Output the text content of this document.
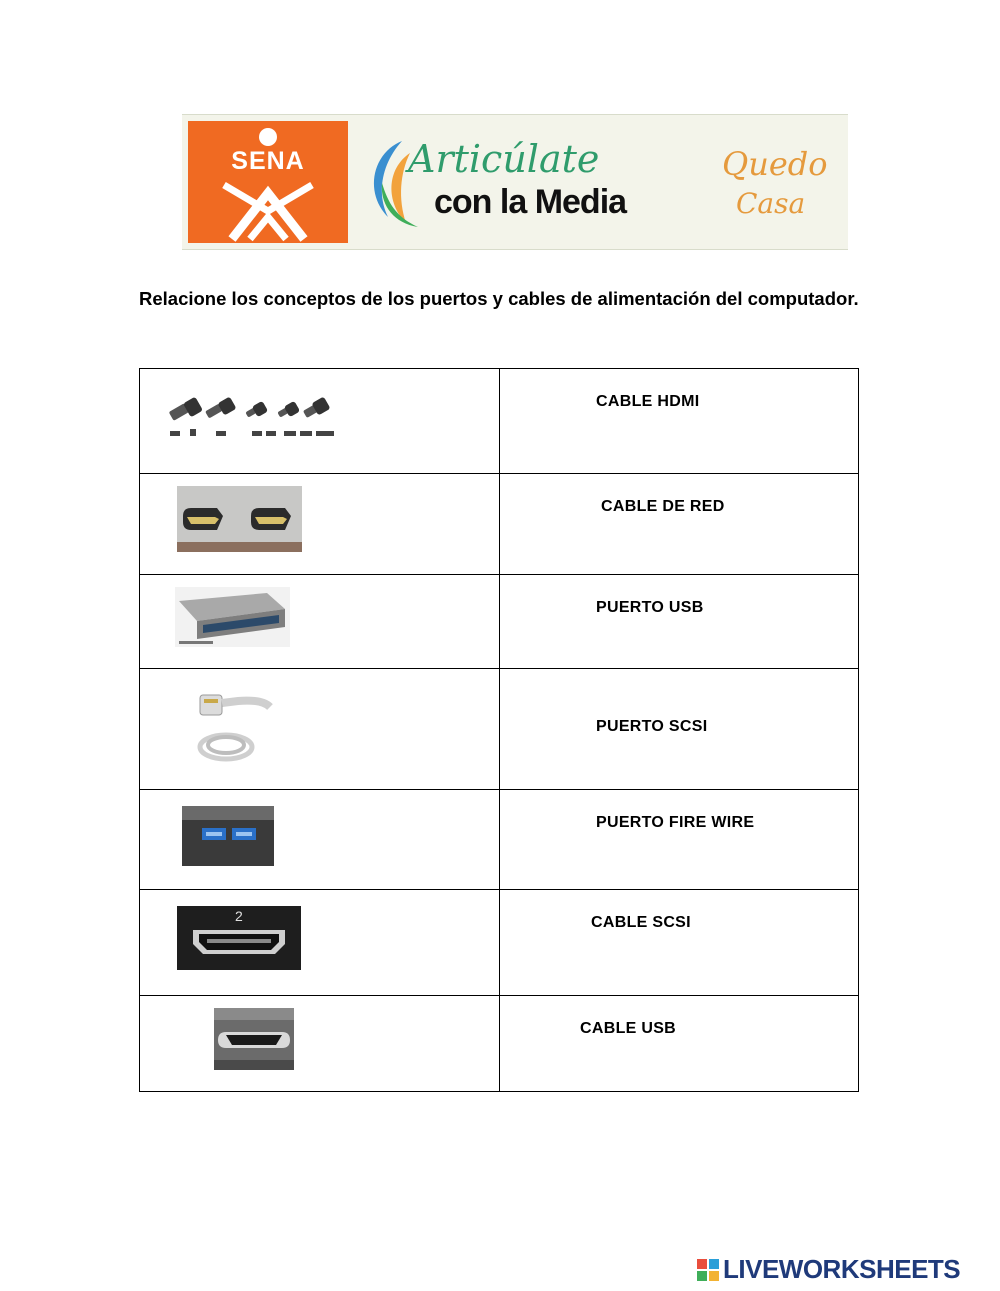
SENA	Articúlate
con la Media
Quedo
Casa

Relacione los conceptos de los puertos y cables de alimentación del computador.

CABLE HDMI

CABLE DE RED

PUERTO USB

PUERTO SCSI

PUERTO FIRE WIRE

2	CABLE SCSI

CABLE USB
LIVEWORKSHEETS
